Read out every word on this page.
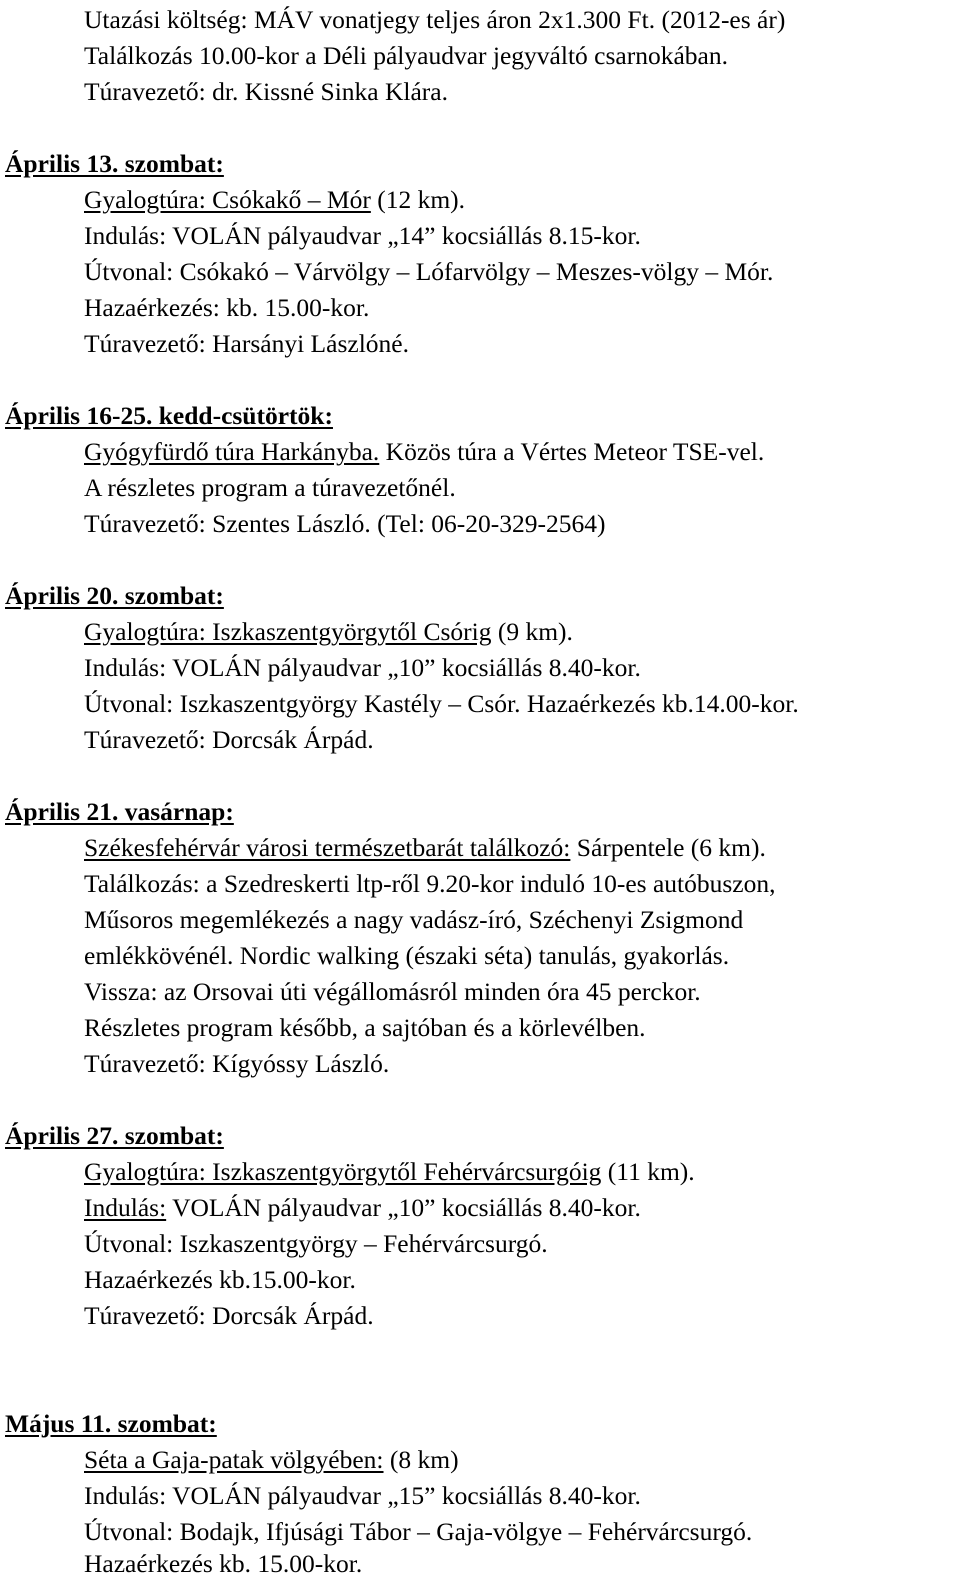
Utazási költség: MÁV vonatjegy teljes áron 2x1.300 Ft. (2012-es ár)
Találkozás 10.00-kor a Déli pályaudvar jegyváltó csarnokában.
Túravezető: dr. Kissné Sinka Klára.
Április 13. szombat:
Gyalogtúra: Csókakő – Mór (12 km).
Indulás: VOLÁN pályaudvar „14” kocsiállás 8.15-kor.
Útvonal: Csókakó – Várvölgy – Lófarvölgy – Meszes-völgy – Mór.
Hazaérkezés: kb. 15.00-kor.
Túravezető: Harsányi Lászlóné.
Április 16-25. kedd-csütörtök:
Gyógyfürdő túra Harkányba. Közös túra a Vértes Meteor TSE-vel.
A részletes program a túravezetőnél.
Túravezető: Szentes László. (Tel: 06-20-329-2564)
Április 20. szombat:
Gyalogtúra: Iszkaszentgyörgytől Csórig (9 km).
Indulás: VOLÁN pályaudvar „10” kocsiállás 8.40-kor.
Útvonal: Iszkaszentgyörgy Kastély – Csór. Hazaérkezés kb.14.00-kor.
Túravezető: Dorcsák Árpád.
Április 21. vasárnap:
Székesfehérvár városi természetbarát találkozó: Sárpentele (6 km).
Találkozás: a Szedreskerti ltp-ről 9.20-kor induló 10-es autóbuszon,
Műsoros megemlékezés a nagy vadász-író, Széchenyi Zsigmond
emlékkövénél. Nordic walking (északi séta) tanulás, gyakorlás.
Vissza: az Orsovai úti végállomásról minden óra 45 perckor.
Részletes program később, a sajtóban és a körlevélben.
Túravezető: Kígyóssy László.
Április 27. szombat:
Gyalogtúra: Iszkaszentgyörgytől Fehérvárcsurgóig (11 km).
Indulás: VOLÁN pályaudvar „10” kocsiállás 8.40-kor.
Útvonal: Iszkaszentgyörgy – Fehérvárcsurgó.
Hazaérkezés kb.15.00-kor.
Túravezető: Dorcsák Árpád.
Május 11. szombat:
Séta a Gaja-patak völgyében: (8 km)
Indulás: VOLÁN pályaudvar „15” kocsiállás 8.40-kor.
Útvonal: Bodajk, Ifjúsági Tábor – Gaja-völgye – Fehérvárcsurgó.
Hazaérkezés kb. 15.00-kor.
